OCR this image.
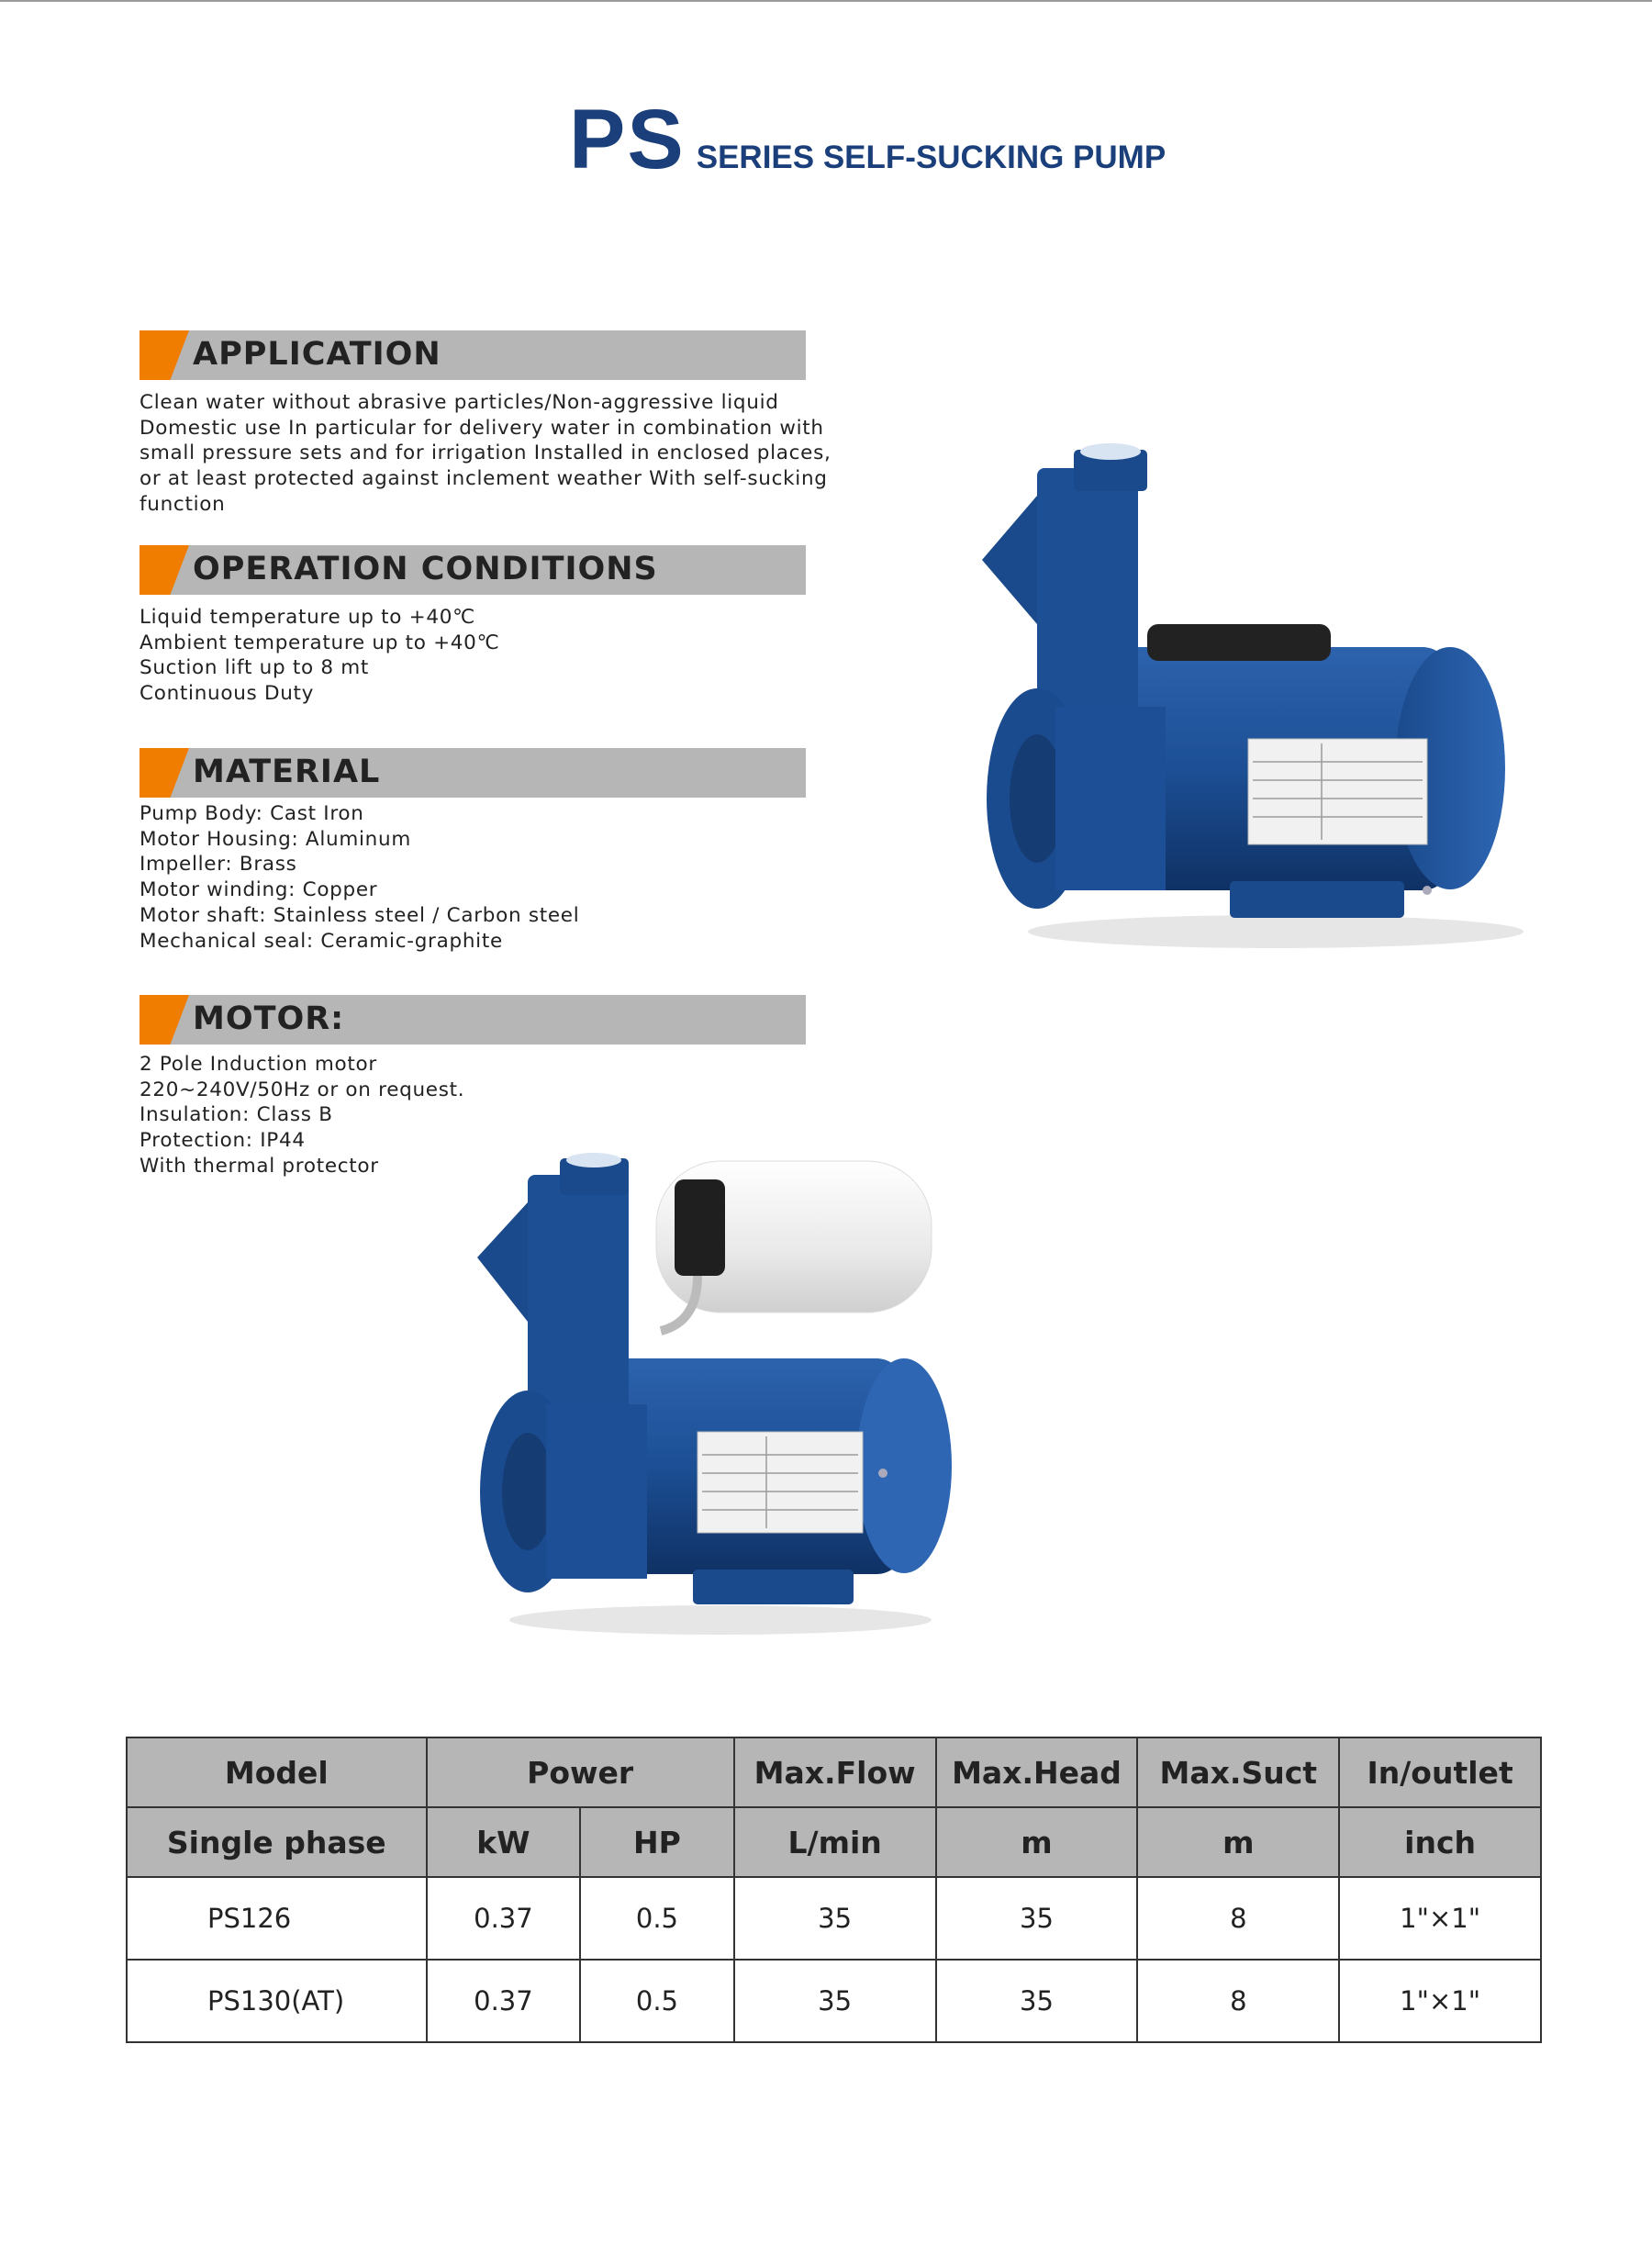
PS SERIES SELF-SUCKING PUMP
APPLICATION
Clean water without abrasive particles/Non-aggressive liquid
Domestic use In particular for delivery water in combination with
small pressure sets and for irrigation Installed in enclosed places,
or at least protected against inclement weather With self-sucking
function
OPERATION CONDITIONS
Liquid temperature up to +40℃
Ambient temperature up to +40℃
Suction lift up to 8 mt
Continuous Duty
MATERIAL
Pump Body: Cast Iron
Motor Housing: Aluminum
Impeller: Brass
Motor winding: Copper
Motor shaft: Stainless steel / Carbon steel
Mechanical seal: Ceramic-graphite
MOTOR:
2 Pole Induction motor
220~240V/50Hz or on request.
Insulation: Class B
Protection: IP44
With thermal protector
Model	Power		Max.Flow	Max.Head	Max.Suct	In/outlet
Single phase	kW	HP	L/min	m	m	inch
PS126	0.37	0.5	35	35	8	1"×1"
PS130(AT)	0.37	0.5	35	35	8	1"×1"
